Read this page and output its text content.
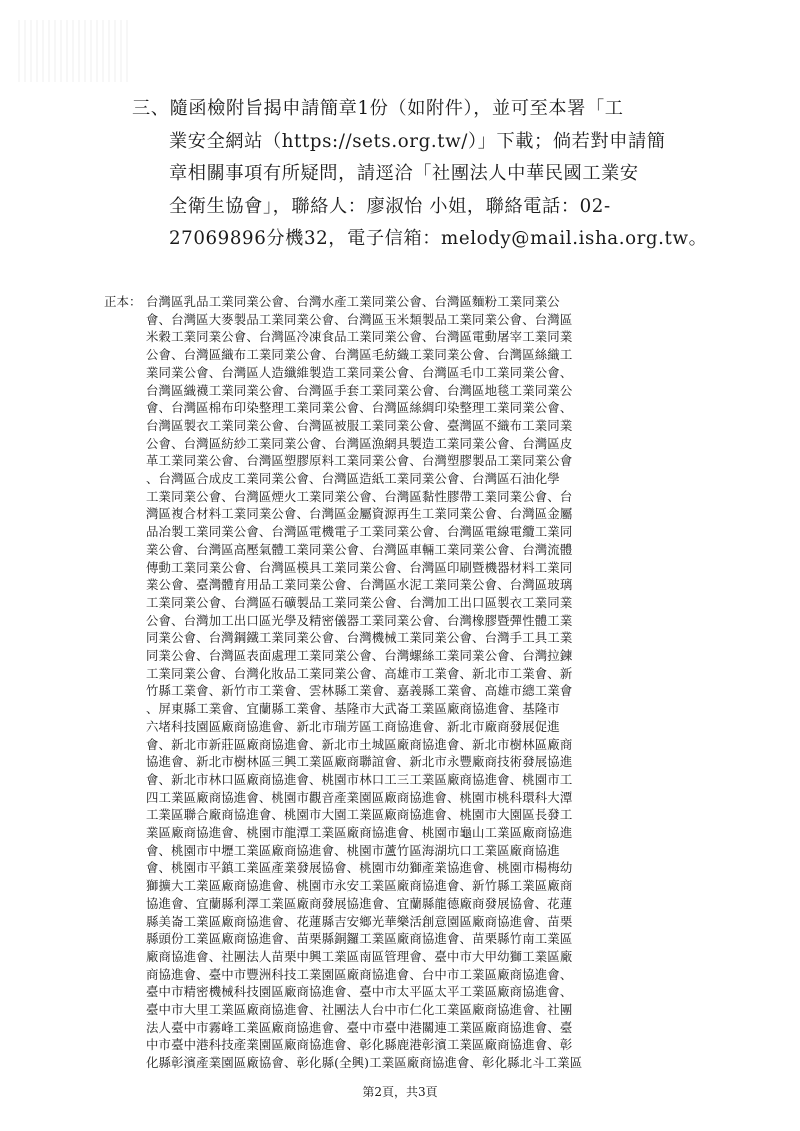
三、隨函檢附旨揭申請簡章1份（如附件），並可至本署「工
業安全網站（https://sets.org.tw/）」下載；倘若對申請簡
章相關事項有所疑問，請逕洽「社團法人中華民國工業安
全衛生協會」，聯絡人：廖淑怡 小姐，聯絡電話：02-
27069896分機32，電子信箱：melody@mail.isha.org.tw。
正本： 台灣區乳品工業同業公會、台灣水產工業同業公會、台灣區麵粉工業同業公
會、台灣區大麥製品工業同業公會、台灣區玉米類製品工業同業公會、台灣區
米穀工業同業公會、台灣區冷凍食品工業同業公會、台灣區電動屠宰工業同業
公會、台灣區織布工業同業公會、台灣區毛紡織工業同業公會、台灣區絲織工
業同業公會、台灣區人造纖維製造工業同業公會、台灣區毛巾工業同業公會、
台灣區織襪工業同業公會、台灣區手套工業同業公會、台灣區地毯工業同業公
會、台灣區棉布印染整理工業同業公會、台灣區絲綢印染整理工業同業公會、
台灣區製衣工業同業公會、台灣區被服工業同業公會、臺灣區不織布工業同業
公會、台灣區紡紗工業同業公會、台灣區漁網具製造工業同業公會、台灣區皮
革工業同業公會、台灣區塑膠原料工業同業公會、台灣塑膠製品工業同業公會
、台灣區合成皮工業同業公會、台灣區造紙工業同業公會、台灣區石油化學
工業同業公會、台灣區煙火工業同業公會、台灣區黏性膠帶工業同業公會、台
灣區複合材料工業同業公會、台灣區金屬資源再生工業同業公會、台灣區金屬
品冶製工業同業公會、台灣區電機電子工業同業公會、台灣區電線電纜工業同
業公會、台灣區高壓氣體工業同業公會、台灣區車輛工業同業公會、台灣流體
傳動工業同業公會、台灣區模具工業同業公會、台灣區印刷暨機器材料工業同
業公會、臺灣體育用品工業同業公會、台灣區水泥工業同業公會、台灣區玻璃
工業同業公會、台灣區石礦製品工業同業公會、台灣加工出口區製衣工業同業
公會、台灣加工出口區光學及精密儀器工業同業公會、台灣橡膠暨彈性體工業
同業公會、台灣鋼鐵工業同業公會、台灣機械工業同業公會、台灣手工具工業
同業公會、台灣區表面處理工業同業公會、台灣螺絲工業同業公會、台灣拉鍊
工業同業公會、台灣化妝品工業同業公會、高雄市工業會、新北市工業會、新
竹縣工業會、新竹市工業會、雲林縣工業會、嘉義縣工業會、高雄市總工業會
、屏東縣工業會、宜蘭縣工業會、基隆市大武崙工業區廠商協進會、基隆市
六堵科技園區廠商協進會、新北市瑞芳區工商協進會、新北市廠商發展促進
會、新北市新莊區廠商協進會、新北市土城區廠商協進會、新北市樹林區廠商
協進會、新北市樹林區三興工業區廠商聯誼會、新北市永豐廠商技術發展協進
會、新北市林口區廠商協進會、桃園市林口工三工業區廠商協進會、桃園市工
四工業區廠商協進會、桃園市觀音產業園區廠商協進會、桃園市桃科環科大潭
工業區聯合廠商協進會、桃園市大園工業區廠商協進會、桃園市大園區長發工
業區廠商協進會、桃園市龍潭工業區廠商協進會、桃園市龜山工業區廠商協進
會、桃園市中壢工業區廠商協進會、桃園市蘆竹區海湖坑口工業區廠商協進
會、桃園市平鎮工業區產業發展協會、桃園市幼獅產業協進會、桃園市楊梅幼
獅擴大工業區廠商協進會、桃園市永安工業區廠商協進會、新竹縣工業區廠商
協進會、宜蘭縣利澤工業區廠商發展協進會、宜蘭縣龍德廠商發展協會、花蓮
縣美崙工業區廠商協進會、花蓮縣吉安鄉光華樂活創意園區廠商協進會、苗栗
縣頭份工業區廠商協進會、苗栗縣銅鑼工業區廠商協進會、苗栗縣竹南工業區
廠商協進會、社團法人苗栗中興工業區南區管理會、臺中市大甲幼獅工業區廠
商協進會、臺中市豐洲科技工業園區廠商協進會、台中市工業區廠商協進會、
臺中市精密機械科技園區廠商協進會、臺中市太平區太平工業區廠商協進會、
臺中市大里工業區廠商協進會、社團法人台中市仁化工業區廠商協進會、社團
法人臺中市霧峰工業區廠商協進會、臺中市臺中港關連工業區廠商協進會、臺
中市臺中港科技產業園區廠商協進會、彰化縣鹿港彰濱工業區廠商協進會、彰
化縣彰濱產業園區廠協會、彰化縣(全興)工業區廠商協進會、彰化縣北斗工業區
第2頁，共3頁
